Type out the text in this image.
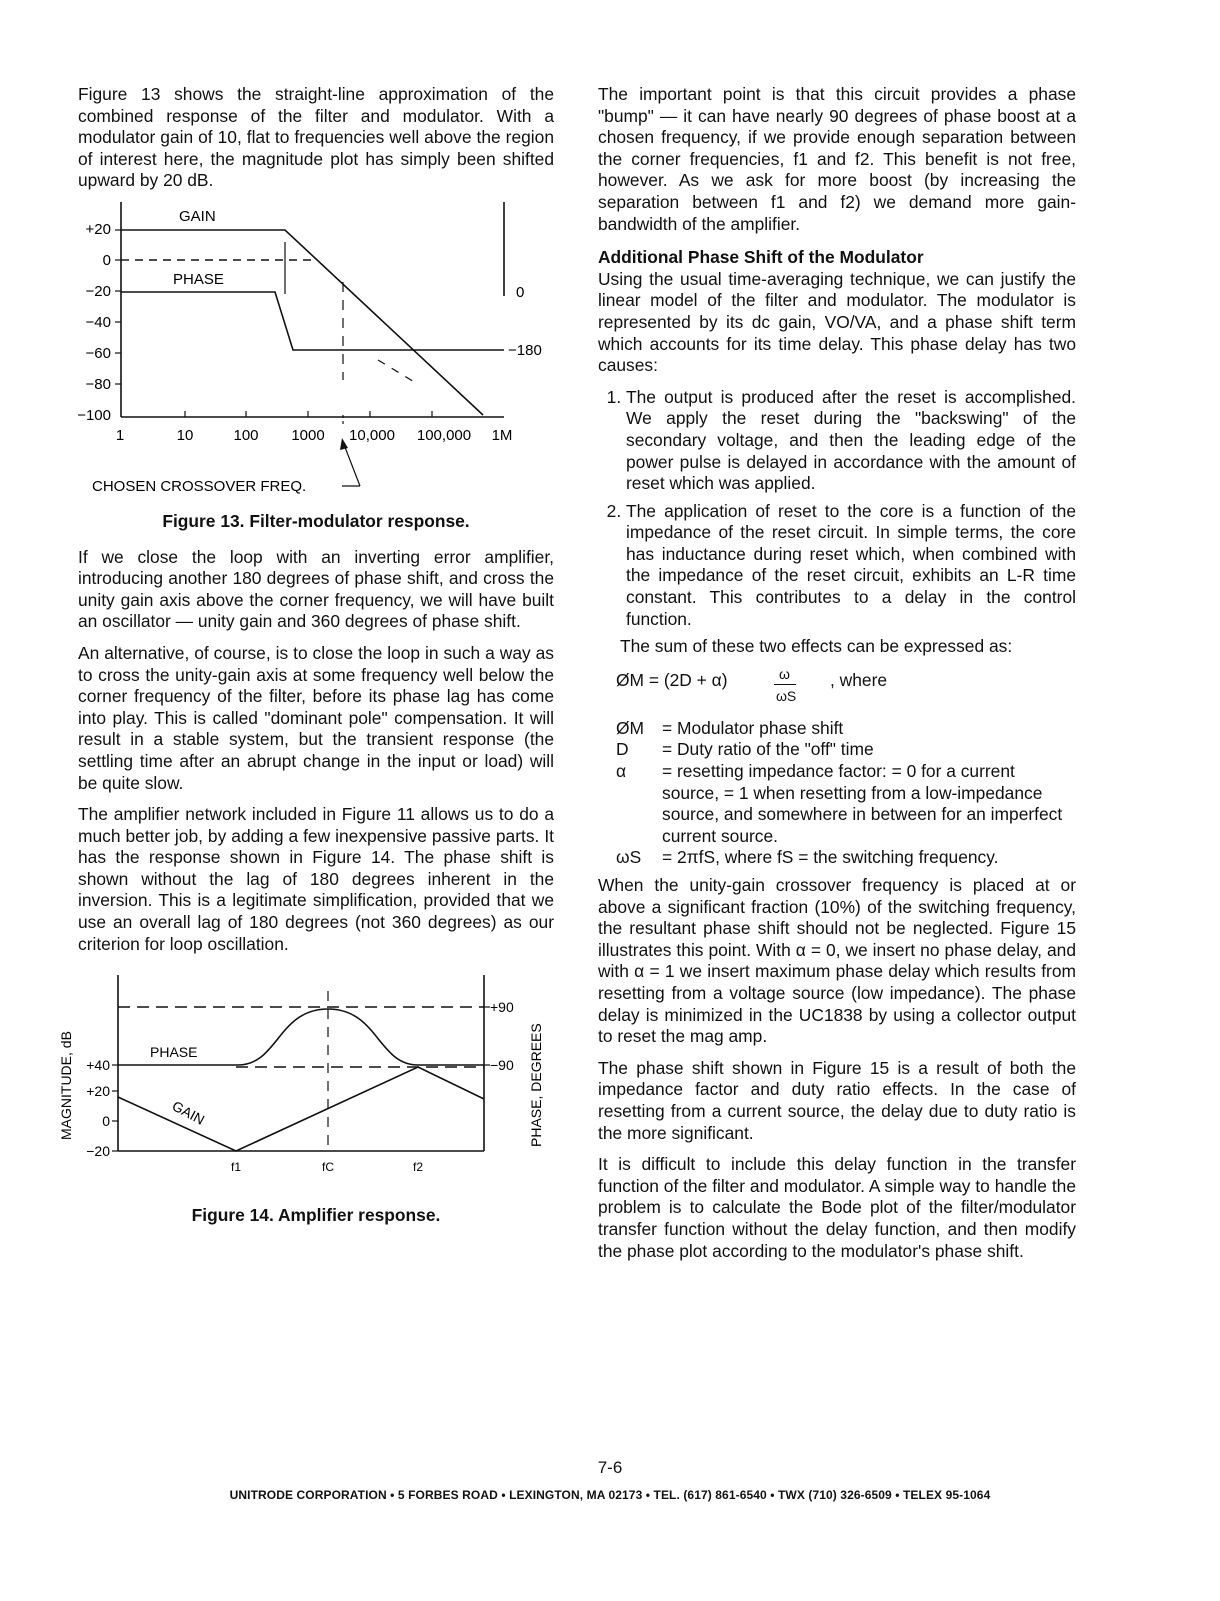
Figure 13 shows the straight-line approximation of the combined response of the filter and modulator. With a modulator gain of 10, flat to frequencies well above the region of interest here, the magnitude plot has simply been shifted upward by 20 dB.

+20
0
−20
−40
−60
−80
−100
1	10	100 1000 10,000 100,000 1M
GAIN
PHASE
0
−180
CHOSEN CROSSOVER FREQ.
Figure 13. Filter-modulator response.

If we close the loop with an inverting error amplifier, introducing another 180 degrees of phase shift, and cross the unity gain axis above the corner frequency, we will have built an oscillator — unity gain and 360 degrees of phase shift.

An alternative, of course, is to close the loop in such a way as to cross the unity-gain axis at some frequency well below the corner frequency of the filter, before its phase lag has come into play. This is called "dominant pole" compensation. It will result in a stable system, but the transient response (the settling time after an abrupt change in the input or load) will be quite slow.

The amplifier network included in Figure 11 allows us to do a much better job, by adding a few inexpensive passive parts. It has the response shown in Figure 14. The phase shift is shown without the lag of 180 degrees inherent in the inversion. This is a legitimate simplification, provided that we use an overall lag of 180 degrees (not 360 degrees) as our criterion for loop oscillation.

MAGNITUDE, dB +40
+20
0
−20
+90
−90 PHASE, DEGREES
PHASE
GAIN
f1	fC	f2
Figure 14. Amplifier response.

The important point is that this circuit provides a phase "bump" — it can have nearly 90 degrees of phase boost at a chosen frequency, if we provide enough separation between the corner frequencies, f1 and f2. This benefit is not free, however. As we ask for more boost (by increasing the separation between f1 and f2) we demand more gain-bandwidth of the amplifier.

Additional Phase Shift of the Modulator

Using the usual time-averaging technique, we can justify the linear model of the filter and modulator. The modulator is represented by its dc gain, VO/VA, and a phase shift term which accounts for its time delay. This phase delay has two causes:

1. The output is produced after the reset is accomplished. We apply the reset during the "backswing" of the secondary voltage, and then the leading edge of the power pulse is delayed in accordance with the amount of reset which was applied.
2. The application of reset to the core is a function of the impedance of the reset circuit. In simple terms, the core has inductance during reset which, when combined with the impedance of the reset circuit, exhibits an L-R time constant. This contributes to a delay in the control function.

The sum of these two effects can be expressed as:

ØM = (2D + α)	ω
ωS
, where
ØM	= Modulator phase shift
D	= Duty ratio of the "off" time
α	= resetting impedance factor: = 0 for a current source, = 1 when resetting from a low-impedance source, and somewhere in between for an imperfect current source.
ωS	= 2πfS, where fS = the switching frequency.

When the unity-gain crossover frequency is placed at or above a significant fraction (10%) of the switching frequency, the resultant phase shift should not be neglected. Figure 15 illustrates this point. With α = 0, we insert no phase delay, and with α = 1 we insert maximum phase delay which results from resetting from a voltage source (low impedance). The phase delay is minimized in the UC1838 by using a collector output to reset the mag amp.

The phase shift shown in Figure 15 is a result of both the impedance factor and duty ratio effects. In the case of resetting from a current source, the delay due to duty ratio is the more significant.

It is difficult to include this delay function in the transfer function of the filter and modulator. A simple way to handle the problem is to calculate the Bode plot of the filter/modulator transfer function without the delay function, and then modify the phase plot according to the modulator's phase shift.

7-6
UNITRODE CORPORATION • 5 FORBES ROAD • LEXINGTON, MA 02173 • TEL. (617) 861-6540 • TWX (710) 326-6509 • TELEX 95-1064
